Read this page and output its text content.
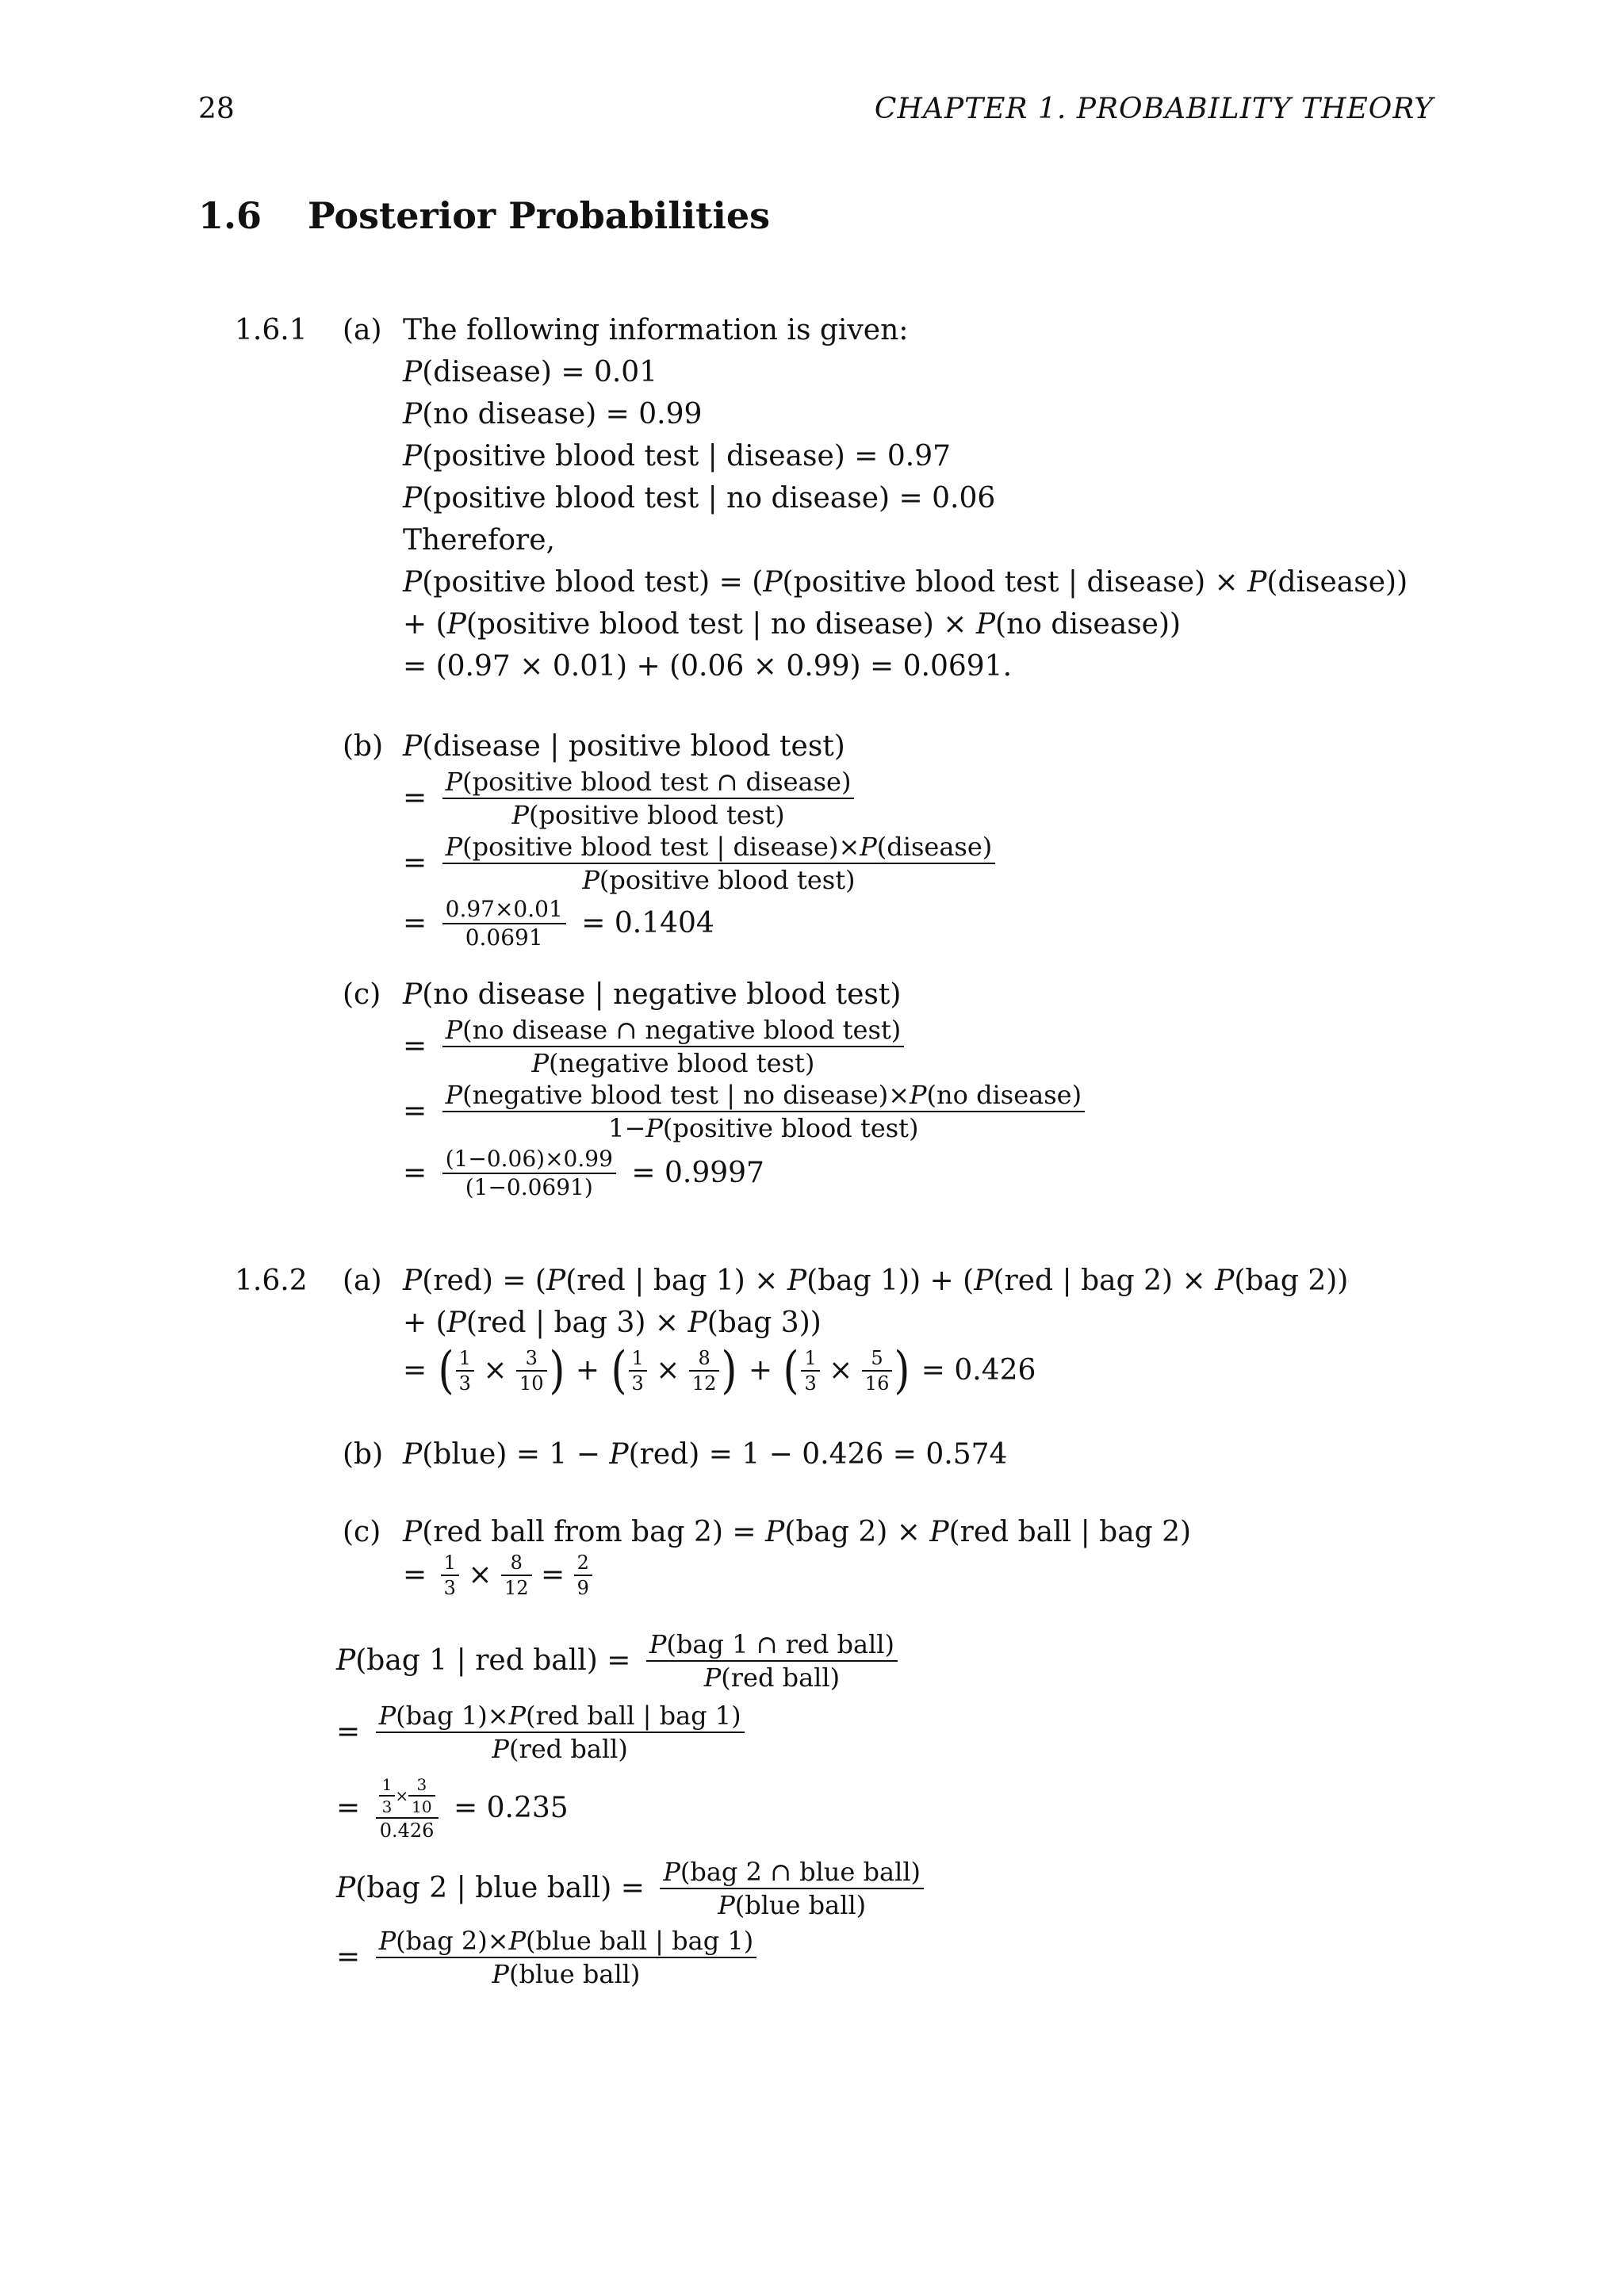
28	CHAPTER 1. PROBABILITY THEORY
1.6 Posterior Probabilities
1.6.1 (a) The following information is given:
P(disease) = 0.01
P(no disease) = 0.99
P(positive blood test | disease) = 0.97
P(positive blood test | no disease) = 0.06
Therefore,
P(positive blood test) = (P(positive blood test | disease) × P(disease))
+ (P(positive blood test | no disease) × P(no disease))
= (0.97 × 0.01) + (0.06 × 0.99) = 0.0691.
(b) P(disease | positive blood test)
= $\frac{\text{P(positive blood test ∩ disease)}}{\text{P(positive blood test)}}$
= $\frac{\text{P(positive blood test | disease)×P(disease)}}{\text{P(positive blood test)}}$
= $\frac{0.97\times 0.01}{0.0691} = 0.1404$
(c) P(no disease | negative blood test)
= $\frac{\text{P(no disease ∩ negative blood test)}}{\text{P(negative blood test)}}$
= $\frac{\text{P(negative blood test | no disease)×P(no disease)}}{\text{1−P(positive blood test)}}$
= $\frac{(1-0.06)\times 0.99}{(1-0.0691)} = 0.9997$
1.6.2 (a) P(red) = (P(red | bag 1) × P(bag 1)) + (P(red | bag 2) × P(bag 2))
+ (P(red | bag 3) × P(bag 3))
= ( $\frac{1}{3} \times \frac{3}{10}$ ) + ( $\frac{1}{3} \times \frac{8}{12}$ ) + ( $\frac{1}{3} \times \frac{5}{16}$ ) = 0.426
(b) P(blue) = 1 − P(red) = 1 − 0.426 = 0.574
(c) P(red ball from bag 2) = P(bag 2) × P(red ball | bag 2)
= $\frac{1}{3} \times \frac{8}{12} = \frac{2}{9}$
P(bag 1 | red ball) = $\frac{\text{P(bag 1 ∩ red ball)}}{\text{P(red ball)}}$
= $\frac{\text{P(bag 1)×P(red ball | bag 1)}}{\text{P(red ball)}}$
= $\frac{\frac{1}{3} \times \frac{3}{10}}{0.426} = 0.235$
P(bag 2 | blue ball) = $\frac{\text{P(bag 2 ∩ blue ball)}}{\text{P(blue ball)}}$
= $\frac{\text{P(bag 2)×P(blue ball | bag 1)}}{\text{P(blue ball)}}$
